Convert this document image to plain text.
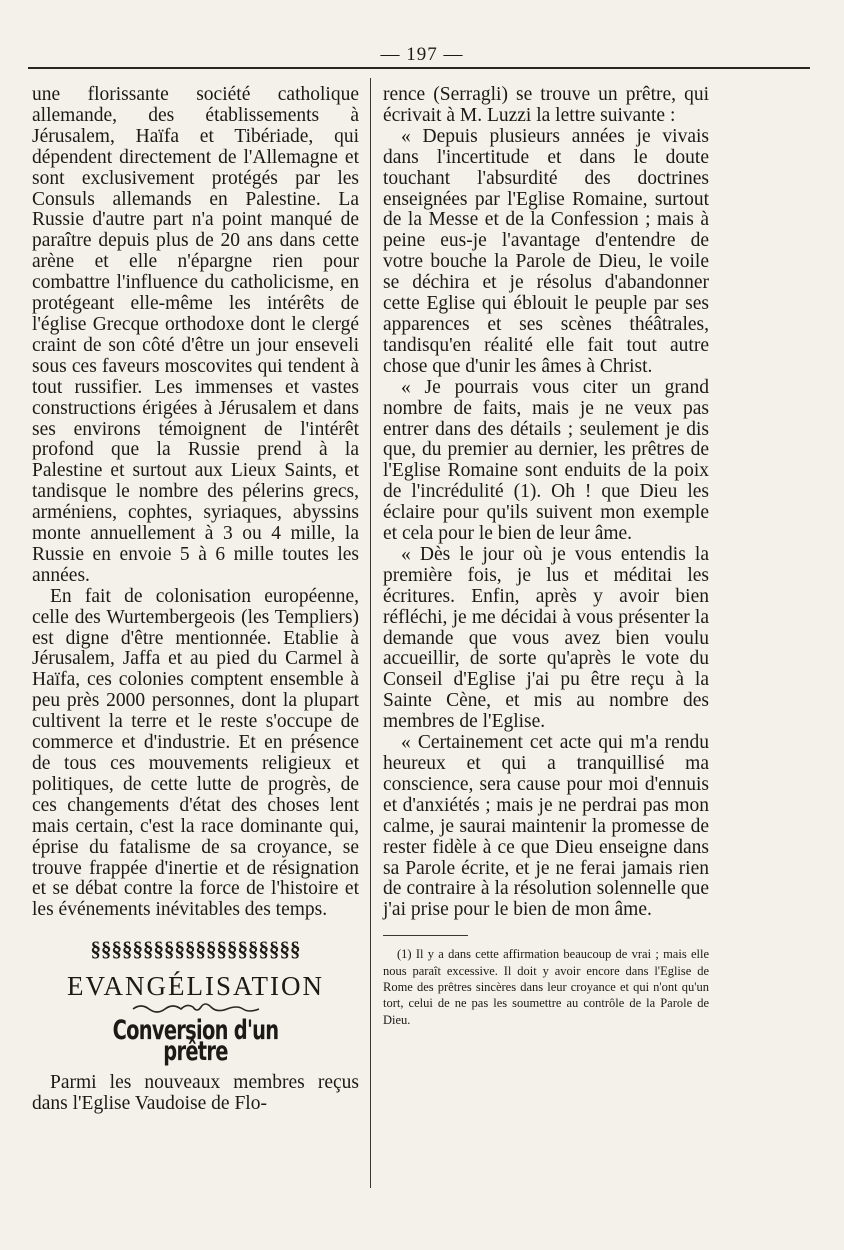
— 197 —

une florissante société catholique allemande, des établissements à Jérusalem, Haïfa et Tibériade, qui dépendent directement de l'Allemagne et sont exclusivement protégés par les Consuls allemands en Palestine. La Russie d'autre part n'a point manqué de paraître depuis plus de 20 ans dans cette arène et elle n'épargne rien pour combattre l'influence du catholicisme, en protégeant elle-même les intérêts de l'église Grecque orthodoxe dont le clergé craint de son côté d'être un jour enseveli sous ces faveurs moscovites qui tendent à tout russifier. Les immenses et vastes constructions érigées à Jérusalem et dans ses environs témoignent de l'intérêt profond que la Russie prend à la Palestine et surtout aux Lieux Saints, et tandisque le nombre des pélerins grecs, arméniens, cophtes, syriaques, abyssins monte annuellement à 3 ou 4 mille, la Russie en envoie 5 à 6 mille toutes les années.

En fait de colonisation européenne, celle des Wurtembergeois (les Templiers) est digne d'être mentionnée. Etablie à Jérusalem, Jaffa et au pied du Carmel à Haïfa, ces colonies comptent ensemble à peu près 2000 personnes, dont la plupart cultivent la terre et le reste s'occupe de commerce et d'industrie. Et en présence de tous ces mouvements religieux et politiques, de cette lutte de progrès, de ces changements d'état des choses lent mais certain, c'est la race dominante qui, éprise du fatalisme de sa croyance, se trouve frappée d'inertie et de résignation et se débat contre la force de l'histoire et les événements inévitables des temps.

§§§§§§§§§§§§§§§§§§§§
EVANGÉLISATION
Conversion d'un prêtre

Parmi les nouveaux membres reçus dans l'Eglise Vaudoise de Flo-

rence (Serragli) se trouve un prêtre, qui écrivait à M. Luzzi la lettre suivante :

« Depuis plusieurs années je vivais dans l'incertitude et dans le doute touchant l'absurdité des doctrines enseignées par l'Eglise Romaine, surtout de la Messe et de la Confession ; mais à peine eus-je l'avantage d'entendre de votre bouche la Parole de Dieu, le voile se déchira et je résolus d'abandonner cette Eglise qui éblouit le peuple par ses apparences et ses scènes théâtrales, tandisqu'en réalité elle fait tout autre chose que d'unir les âmes à Christ.

« Je pourrais vous citer un grand nombre de faits, mais je ne veux pas entrer dans des détails ; seulement je dis que, du premier au dernier, les prêtres de l'Eglise Romaine sont enduits de la poix de l'incrédulité (1). Oh ! que Dieu les éclaire pour qu'ils suivent mon exemple et cela pour le bien de leur âme.

« Dès le jour où je vous entendis la première fois, je lus et méditai les écritures. Enfin, après y avoir bien réfléchi, je me décidai à vous présenter la demande que vous avez bien voulu accueillir, de sorte qu'après le vote du Conseil d'Eglise j'ai pu être reçu à la Sainte Cène, et mis au nombre des membres de l'Eglise.

« Certainement cet acte qui m'a rendu heureux et qui a tranquillisé ma conscience, sera cause pour moi d'ennuis et d'anxiétés ; mais je ne perdrai pas mon calme, je saurai maintenir la promesse de rester fidèle à ce que Dieu enseigne dans sa Parole écrite, et je ne ferai jamais rien de contraire à la résolution solennelle que j'ai prise pour le bien de mon âme.

(1) Il y a dans cette affirmation beaucoup de vrai ; mais elle nous paraît excessive. Il doit y avoir encore dans l'Eglise de Rome des prêtres sincères dans leur croyance et qui n'ont qu'un tort, celui de ne pas les soumettre au contrôle de la Parole de Dieu.
